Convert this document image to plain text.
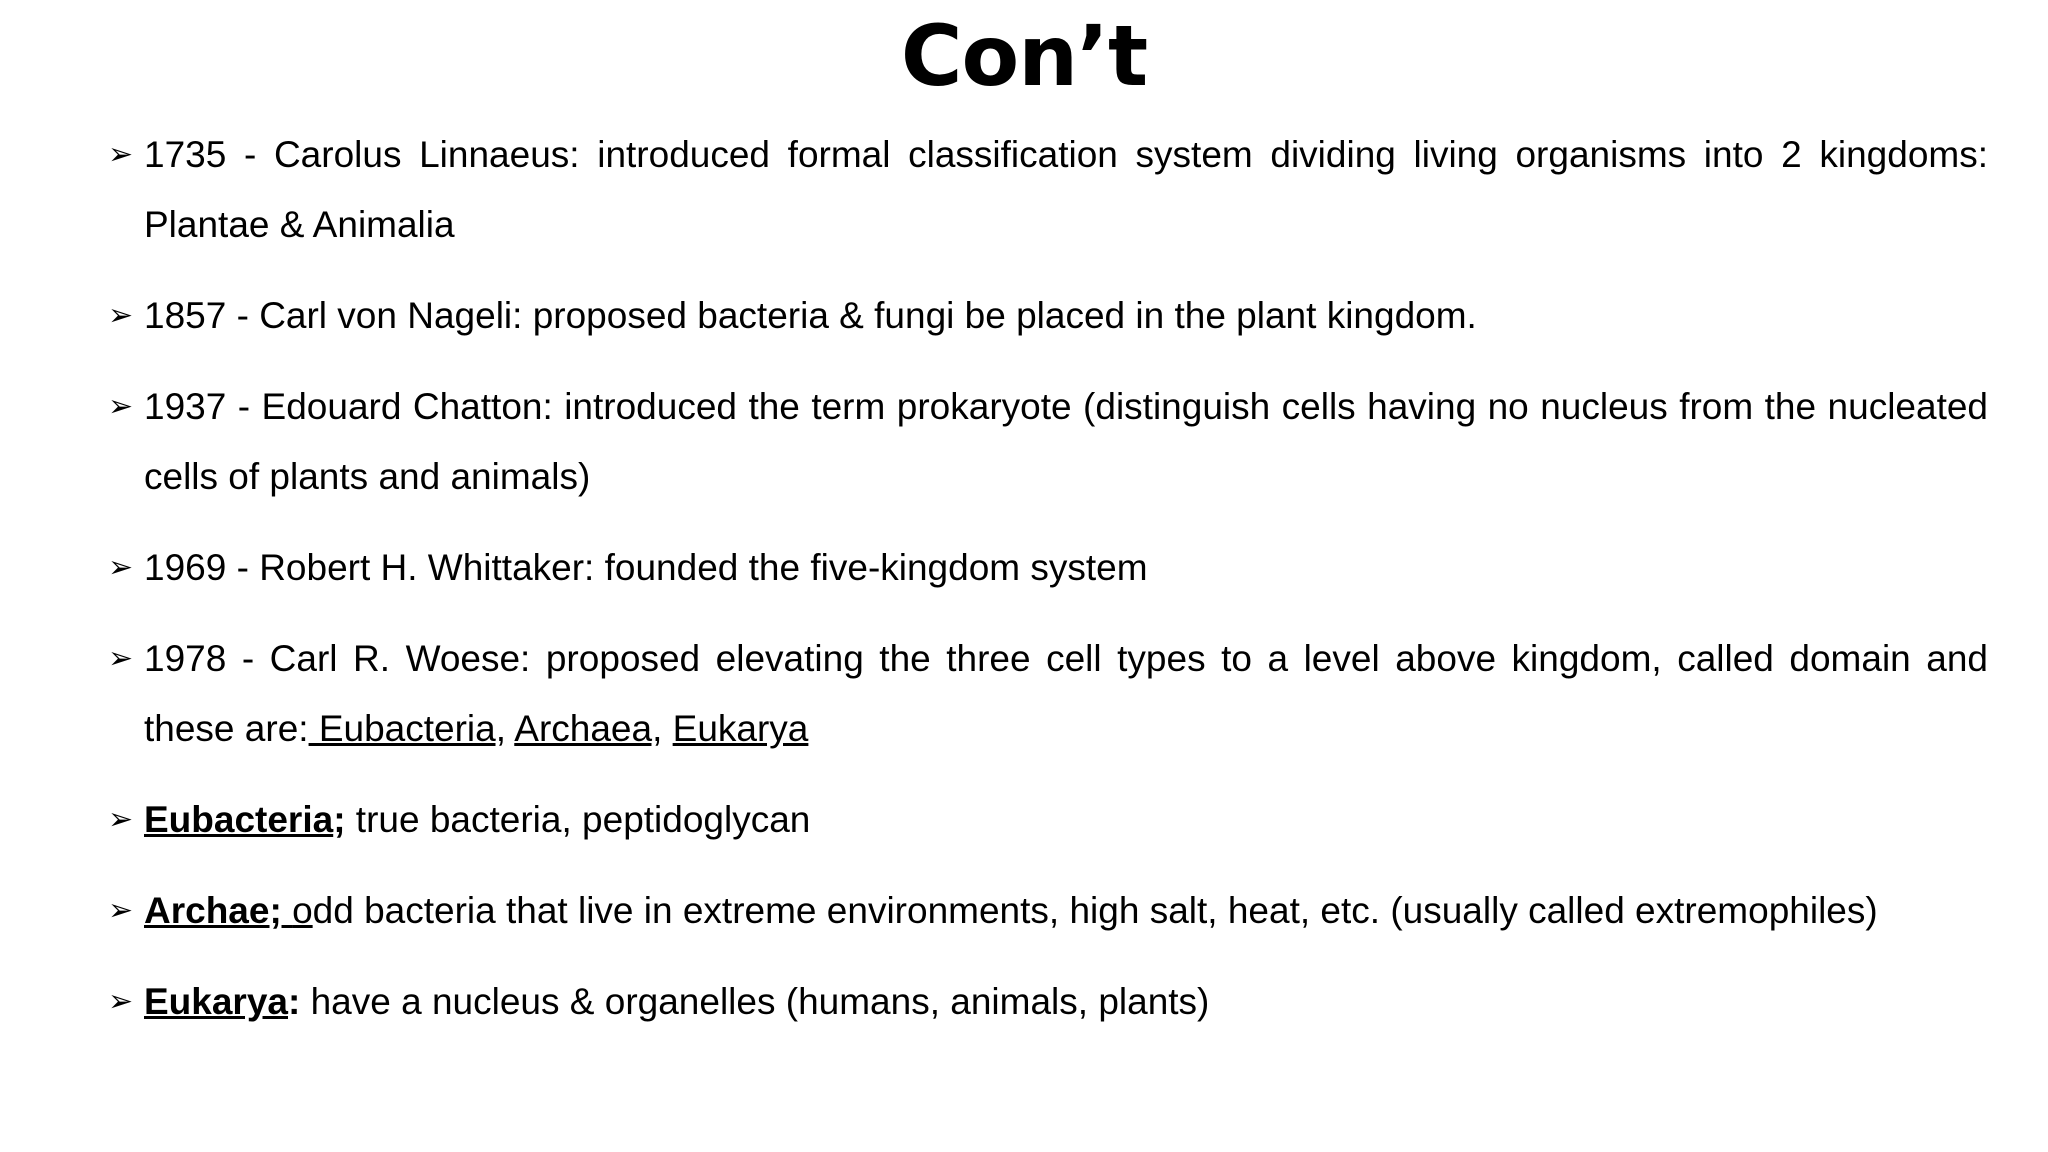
Con’t
➢ 1735 - Carolus Linnaeus: introduced formal classification system dividing living organisms into 2 kingdoms: Plantae & Animalia
➢ 1857 - Carl von Nageli: proposed bacteria & fungi be placed in the plant kingdom.
➢ 1937 - Edouard Chatton: introduced the term prokaryote (distinguish cells having no nucleus from the nucleated cells of plants and animals)
➢ 1969 - Robert H. Whittaker: founded the five-kingdom system
➢ 1978 - Carl R. Woese: proposed elevating the three cell types to a level above kingdom, called domain and these are: Eubacteria, Archaea, Eukarya
➢ Eubacteria; true bacteria, peptidoglycan
➢ Archae; odd bacteria that live in extreme environments, high salt, heat, etc. (usually called extremophiles)
➢ Eukarya: have a nucleus & organelles (humans, animals, plants)
